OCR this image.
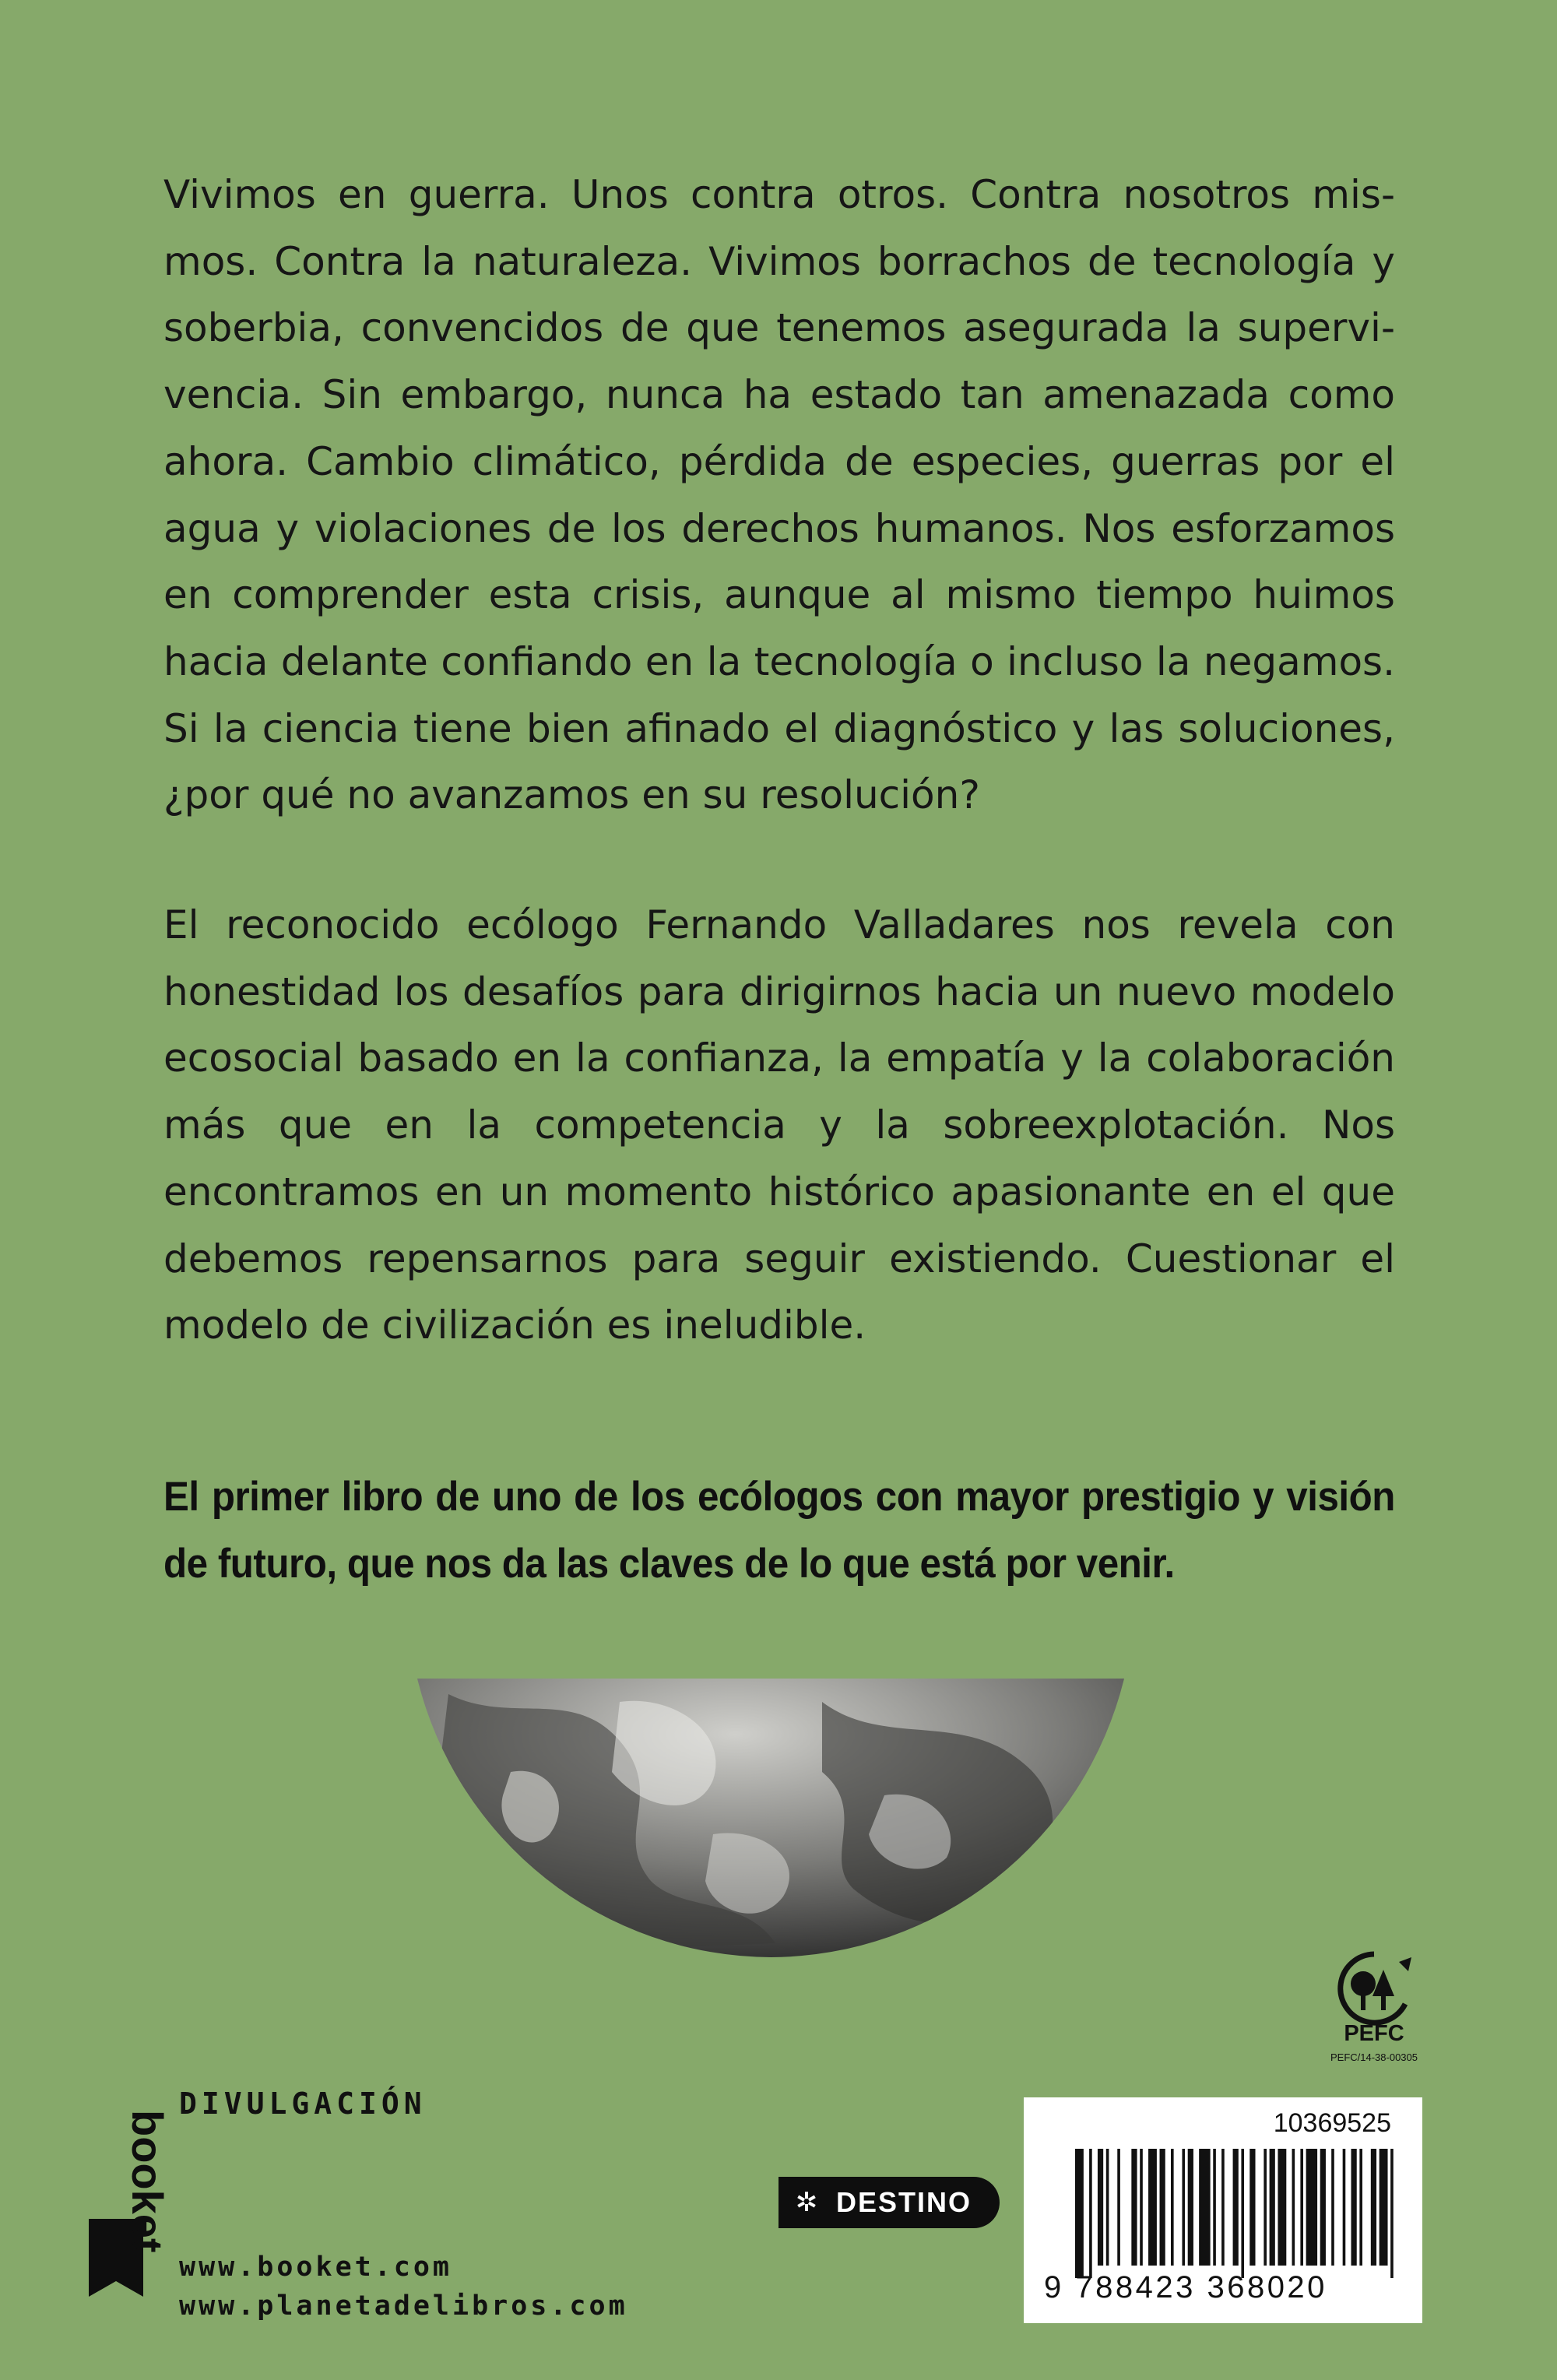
Vivimos en guerra. Unos contra otros. Contra nosotros mismos. Contra la naturaleza. Vivimos borrachos de tecnología y soberbia, convencidos de que tenemos asegurada la supervivencia. Sin embargo, nunca ha estado tan amenazada como ahora. Cambio climático, pérdida de especies, guerras por el agua y violaciones de los derechos humanos. Nos esforzamos en comprender esta crisis, aunque al mismo tiempo huimos hacia delante confiando en la tecnología o incluso la negamos. Si la ciencia tiene bien afinado el diagnóstico y las soluciones, ¿por qué no avanzamos en su resolución?

El reconocido ecólogo Fernando Valladares nos revela con honestidad los desafíos para dirigirnos hacia un nuevo modelo ecosocial basado en la confianza, la empatía y la colaboración más que en la competencia y la sobreexplotación. Nos encontramos en un momento histórico apasionante en el que debemos repensarnos para seguir existiendo. Cuestionar el modelo de civilización es ineludible.

El primer libro de uno de los ecólogos con mayor prestigio y visión de futuro, que nos da las claves de lo que está por venir.

PEFC
PEFC/14-38-00305
DIVULGACIÓN
booket
www.booket.com
www.planetadelibros.com
✲ DESTINO
10369525
9 788423 368020
